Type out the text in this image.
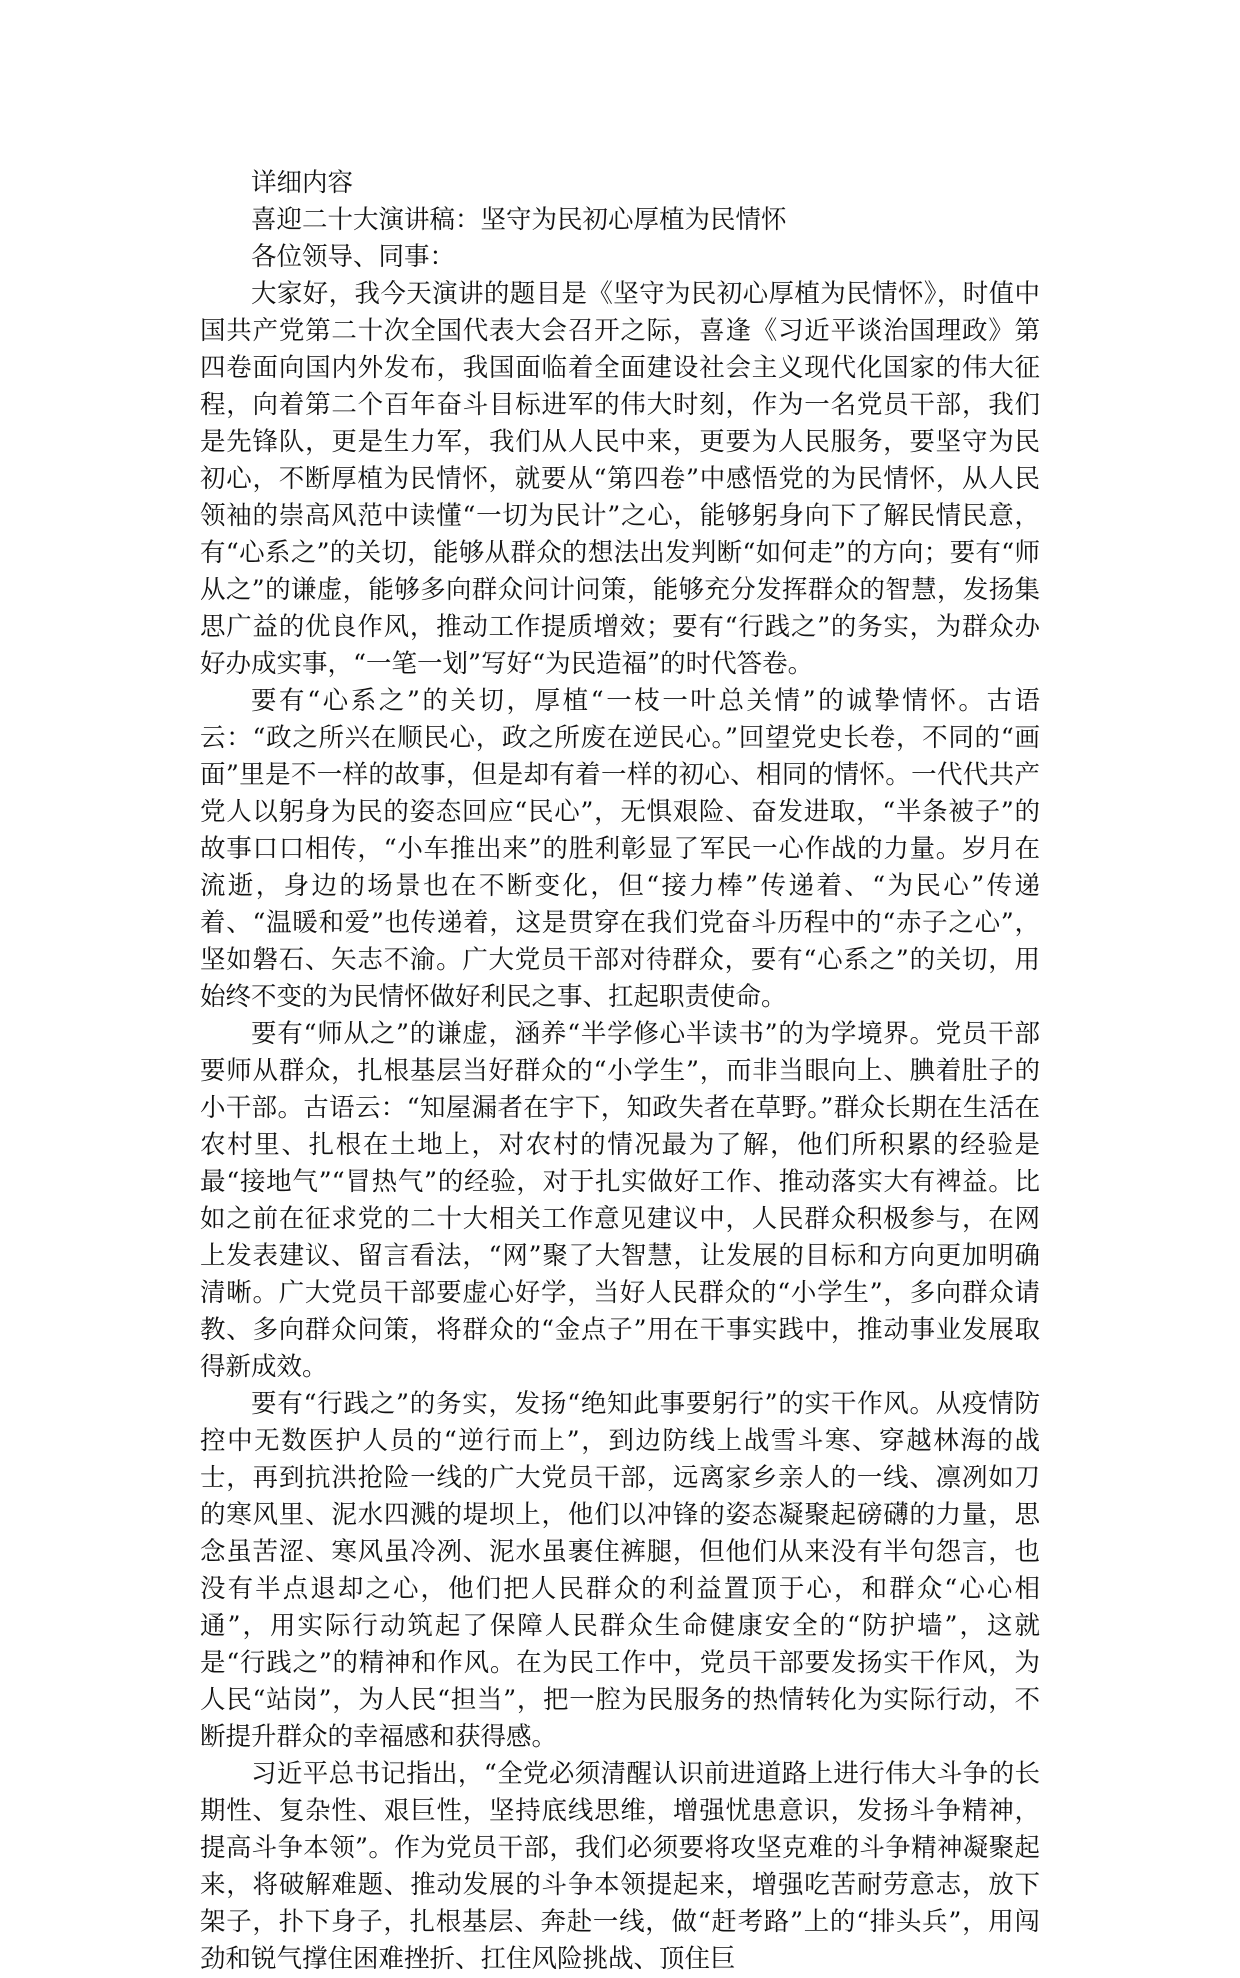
详细内容

喜迎二十大演讲稿：坚守为民初心厚植为民情怀

各位领导、同事：

大家好，我今天演讲的题目是《坚守为民初心厚植为民情怀》，时值中国共产党第二十次全国代表大会召开之际，喜逢《习近平谈治国理政》第四卷面向国内外发布，我国面临着全面建设社会主义现代化国家的伟大征程，向着第二个百年奋斗目标进军的伟大时刻，作为一名党员干部，我们是先锋队，更是生力军，我们从人民中来，更要为人民服务，要坚守为民初心，不断厚植为民情怀，就要从“第四卷”中感悟党的为民情怀，从人民领袖的崇高风范中读懂“一切为民计”之心，能够躬身向下了解民情民意，有“心系之”的关切，能够从群众的想法出发判断“如何走”的方向；要有“师从之”的谦虚，能够多向群众问计问策，能够充分发挥群众的智慧，发扬集思广益的优良作风，推动工作提质增效；要有“行践之”的务实，为群众办好办成实事，“一笔一划”写好“为民造福”的时代答卷。

要有“心系之”的关切，厚植“一枝一叶总关情”的诚挚情怀。古语云：“政之所兴在顺民心，政之所废在逆民心。”回望党史长卷，不同的“画面”里是不一样的故事，但是却有着一样的初心、相同的情怀。一代代共产党人以躬身为民的姿态回应“民心”，无惧艰险、奋发进取，“半条被子”的故事口口相传，“小车推出来”的胜利彰显了军民一心作战的力量。岁月在流逝，身边的场景也在不断变化，但“接力棒”传递着、“为民心”传递着、“温暖和爱”也传递着，这是贯穿在我们党奋斗历程中的“赤子之心”，坚如磐石、矢志不渝。广大党员干部对待群众，要有“心系之”的关切，用始终不变的为民情怀做好利民之事、扛起职责使命。

要有“师从之”的谦虚，涵养“半学修心半读书”的为学境界。党员干部要师从群众，扎根基层当好群众的“小学生”，而非当眼向上、腆着肚子的小干部。古语云：“知屋漏者在宇下，知政失者在草野。”群众长期在生活在农村里、扎根在土地上，对农村的情况最为了解，他们所积累的经验是最“接地气”“冒热气”的经验，对于扎实做好工作、推动落实大有裨益。比如之前在征求党的二十大相关工作意见建议中，人民群众积极参与，在网上发表建议、留言看法，“网”聚了大智慧，让发展的目标和方向更加明确清晰。广大党员干部要虚心好学，当好人民群众的“小学生”，多向群众请教、多向群众问策，将群众的“金点子”用在干事实践中，推动事业发展取得新成效。

要有“行践之”的务实，发扬“绝知此事要躬行”的实干作风。从疫情防控中无数医护人员的“逆行而上”，到边防线上战雪斗寒、穿越林海的战士，再到抗洪抢险一线的广大党员干部，远离家乡亲人的一线、凛冽如刀的寒风里、泥水四溅的堤坝上，他们以冲锋的姿态凝聚起磅礴的力量，思念虽苦涩、寒风虽冷冽、泥水虽裹住裤腿，但他们从来没有半句怨言，也没有半点退却之心，他们把人民群众的利益置顶于心，和群众“心心相通”，用实际行动筑起了保障人民群众生命健康安全的“防护墙”，这就是“行践之”的精神和作风。在为民工作中，党员干部要发扬实干作风，为人民“站岗”，为人民“担当”，把一腔为民服务的热情转化为实际行动，不断提升群众的幸福感和获得感。

习近平总书记指出，“全党必须清醒认识前进道路上进行伟大斗争的长期性、复杂性、艰巨性，坚持底线思维，增强忧患意识，发扬斗争精神，提高斗争本领”。作为党员干部，我们必须要将攻坚克难的斗争精神凝聚起来，将破解难题、推动发展的斗争本领提起来，增强吃苦耐劳意志，放下架子，扑下身子，扎根基层、奔赴一线，做“赶考路”上的“排头兵”，用闯劲和锐气撑住困难挫折、扛住风险挑战、顶住巨
